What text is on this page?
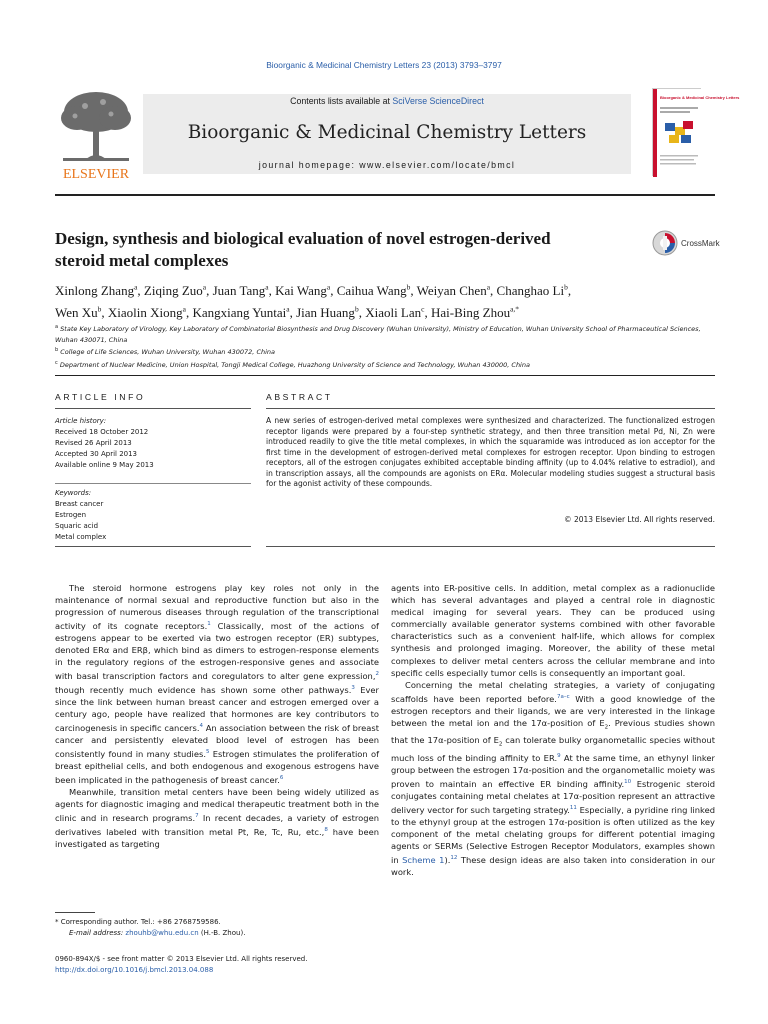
Bioorganic & Medicinal Chemistry Letters 23 (2013) 3793–3797
ELSEVIER
Contents lists available at SciVerse ScienceDirect
Bioorganic & Medicinal Chemistry Letters
journal homepage: www.elsevier.com/locate/bmcl
Bioorganic & Medicinal Chemistry Letters
Design, synthesis and biological evaluation of novel estrogen-derived
steroid metal complexes
CrossMark
Xinlong Zhang$^a$, Ziqing Zuo$^a$, Juan Tang$^a$, Kai Wang$^a$, Caihua Wang$^b$, Weiyan Chen$^a$, Changhao Li$^b$,
Wen Xu$^b$, Xiaolin Xiong$^a$, Kangxiang Yuntai$^a$, Jian Huang$^b$, Xiaoli Lan$^c$, Hai-Bing Zhou$^{a,*}$
$^a$ State Key Laboratory of Virology, Key Laboratory of Combinatorial Biosynthesis and Drug Discovery (Wuhan University), Ministry of Education, Wuhan University School of Pharmaceutical Sciences, Wuhan 430071, China
$^b$ College of Life Sciences, Wuhan University, Wuhan 430072, China
$^c$ Department of Nuclear Medicine, Union Hospital, Tongji Medical College, Huazhong University of Science and Technology, Wuhan 430000, China
ARTICLE INFO	ABSTRACT
Article history:
Received 18 October 2012
Revised 26 April 2013
Accepted 30 April 2013
Available online 9 May 2013
Keywords:
Breast cancer
Estrogen
Squaric acid
Metal complex
A new series of estrogen-derived metal complexes were synthesized and characterized. The functionalized estrogen receptor ligands were prepared by a four-step synthetic strategy, and then three transition metal Pd, Ni, Zn were introduced readily to give the title metal complexes, in which the squaramide was introduced as ion acceptor for the first time in the development of estrogen-derived metal complexes for estrogen receptor. Upon binding to estrogen receptors, all of the estrogen conjugates exhibited acceptable binding affinity (up to 4.04% relative to estradiol), and in transcription assays, all the compounds are agonists on ERα. Molecular modeling studies suggest a structural basis for the agonist activity of these compounds.
© 2013 Elsevier Ltd. All rights reserved.

The steroid hormone estrogens play key roles not only in the maintenance of normal sexual and reproductive function but also in the progression of numerous diseases through regulation of the transcriptional activity of its cognate receptors.$^1$ Classically, most of the actions of estrogens appear to be exerted via two estrogen receptor (ER) subtypes, denoted ERα and ERβ, which bind as dimers to estrogen-response elements in the regulatory regions of the estrogen-responsive genes and associate with basal transcription factors and coregulators to alter gene expression,$^2$ though recently much evidence has shown some other pathways.$^3$ Ever since the link between human breast cancer and estrogen emerged over a century ago, people have realized that hormones are key contributors to carcinogenesis in specific cancers.$^4$ An association between the risk of breast cancer and persistently elevated blood level of estrogen has been consistently found in many studies.$^5$ Estrogen stimulates the proliferation of breast epithelial cells, and both endogenous and exogenous estrogens have been implicated in the pathogenesis of breast cancer.$^6$

Meanwhile, transition metal centers have been being widely utilized as agents for diagnostic imaging and medical therapeutic treatment both in the clinic and in research programs.$^7$ In recent decades, a variety of estrogen derivatives labeled with transition metal Pt, Re, Tc, Ru, etc.,$^8$ have been investigated as targeting

agents into ER-positive cells. In addition, metal complex as a radionuclide which has several advantages and played a central role in diagnostic medical imaging for several years. They can be produced using commercially available generator systems combined with other favorable characteristics such as a convenient half-life, which allows for complex synthesis and prolonged imaging. Moreover, the ability of these metal complexes to deliver metal centers across the cellular membrane and into specific cells especially tumor cells is consequently an important goal.

Concerning the metal chelating strategies, a variety of conjugating scaffolds have been reported before.$^{7a-c}$ With a good knowledge of the estrogen receptors and their ligands, we are very interested in the linkage between the metal ion and the 17α-position of $E_2$. Previous studies shown that the 17α-position of $E_2$ can tolerate bulky organometallic species without much loss of the binding affinity to ER.$^9$ At the same time, an ethynyl linker group between the estrogen 17α-position and the organometallic moiety was proven to maintain an effective ER binding affinity.$^{10}$ Estrogenic steroid conjugates containing metal chelates at 17α-position represent an attractive delivery vector for such targeting strategy.$^{11}$ Especially, a pyridine ring linked to the ethynyl group at the estrogen 17α-position is often utilized as the key component of the metal chelating groups for different potential imaging agents or SERMs (Selective Estrogen Receptor Modulators, examples shown in Scheme 1).$^{12}$ These design ideas are also taken into consideration in our work.

* Corresponding author. Tel.: +86 2768759586.
E-mail address: zhouhb@whu.edu.cn (H.-B. Zhou).
0960-894X/$ - see front matter © 2013 Elsevier Ltd. All rights reserved.
http://dx.doi.org/10.1016/j.bmcl.2013.04.088
